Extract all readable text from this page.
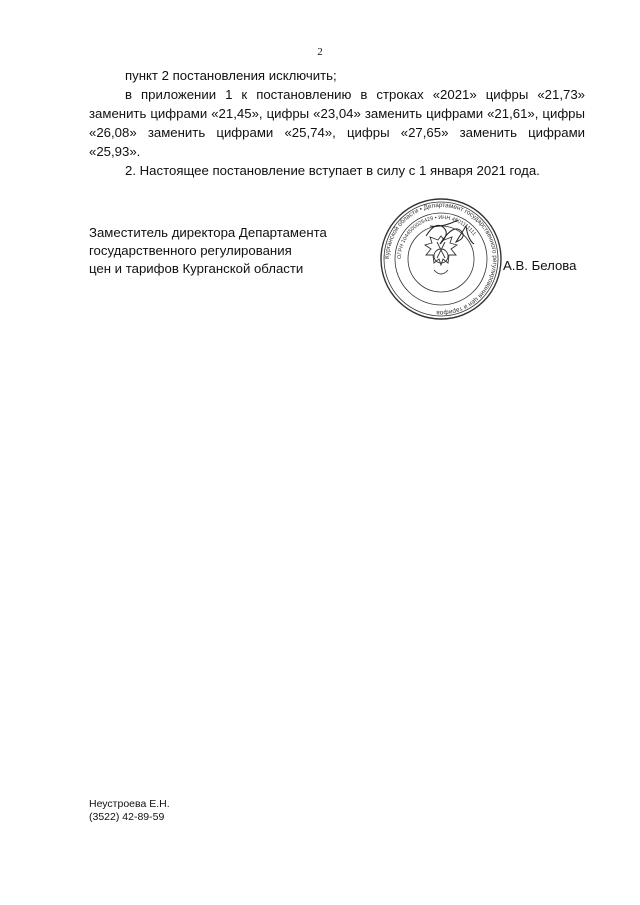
2

пункт 2 постановления исключить;

в приложении 1 к постановлению в строках «2021» цифры «21,73» заменить цифрами «21,45», цифры «23,04» заменить цифрами «21,61», цифры «26,08» заменить цифрами «25,74», цифры «27,65» заменить цифрами «25,93».

2. Настоящее постановление вступает в силу с 1 января 2021 года.

Заместитель директора Департамента
государственного регулирования
цен и тарифов Курганской области
Курганской области • Департамент государственного регулирования цен и тарифов
ОГРН 1044500025429 • ИНН 4501111111
А.В. Белова
Неустроева Е.Н.
(3522) 42-89-59
